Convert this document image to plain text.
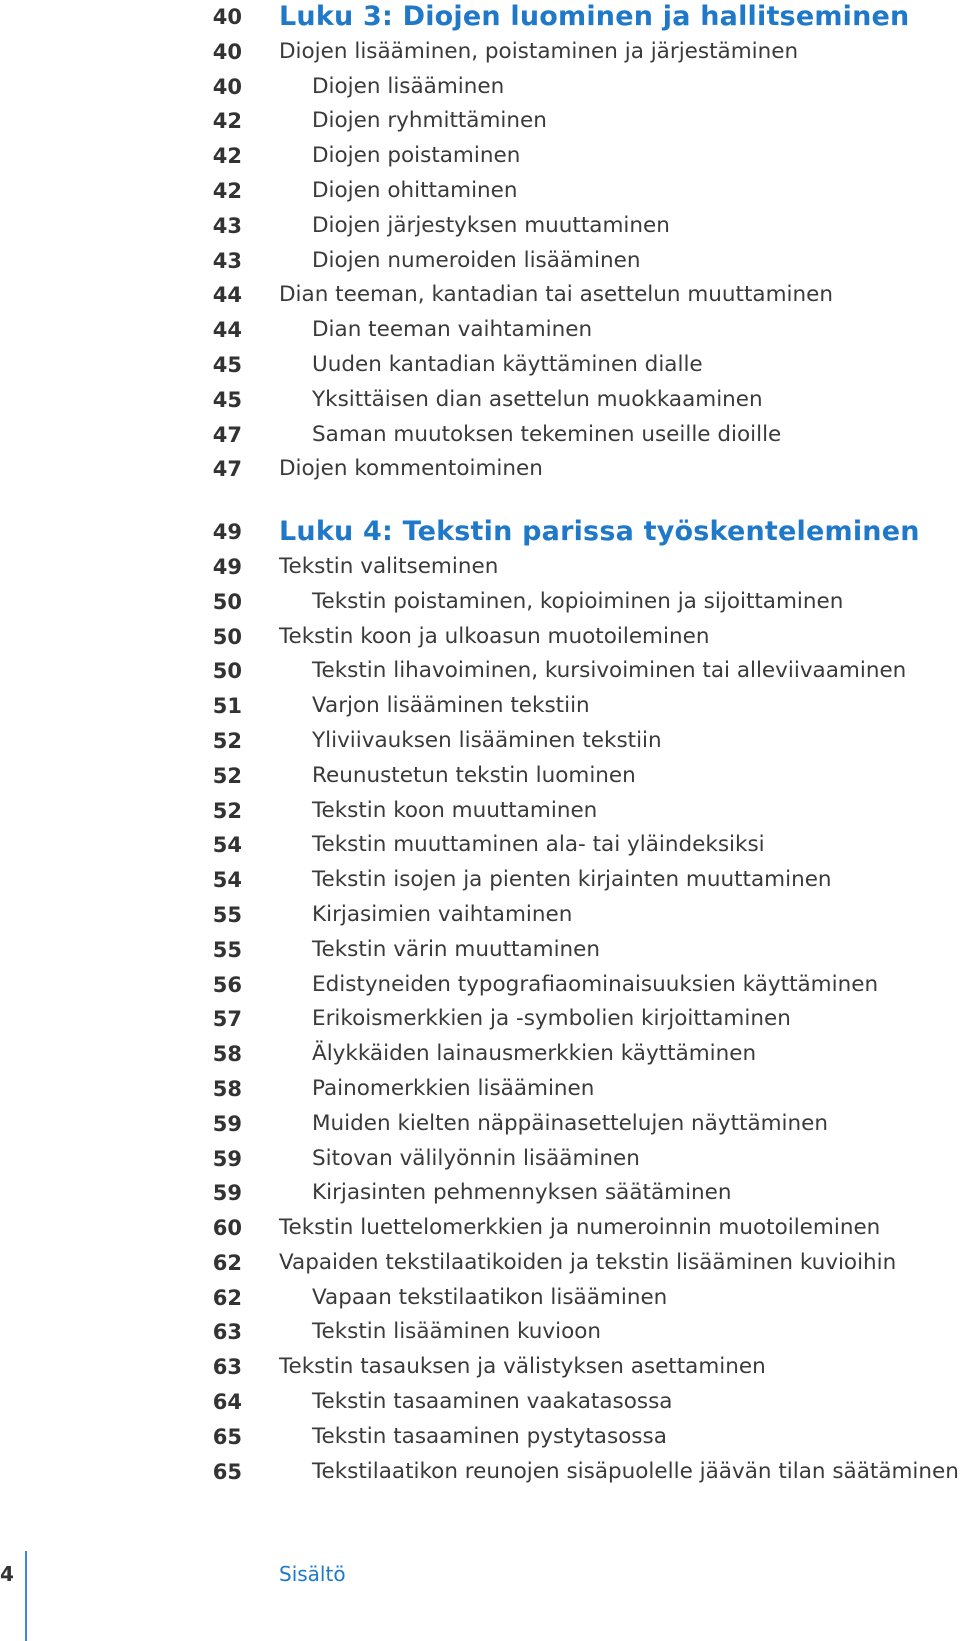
40 Luku 3: Diojen luominen ja hallitseminen
40 Diojen lisääminen, poistaminen ja järjestäminen
40	Diojen lisääminen
42	Diojen ryhmittäminen
42	Diojen poistaminen
42	Diojen ohittaminen
43	Diojen järjestyksen muuttaminen
43	Diojen numeroiden lisääminen
44 Dian teeman, kantadian tai asettelun muuttaminen
44	Dian teeman vaihtaminen
45	Uuden kantadian käyttäminen dialle
45	Yksittäisen dian asettelun muokkaaminen
47	Saman muutoksen tekeminen useille dioille
47 Diojen kommentoiminen
49 Luku 4: Tekstin parissa työskenteleminen
49 Tekstin valitseminen
50	Tekstin poistaminen, kopioiminen ja sijoittaminen
50 Tekstin koon ja ulkoasun muotoileminen
50	Tekstin lihavoiminen, kursivoiminen tai alleviivaaminen
51	Varjon lisääminen tekstiin
52	Yliviivauksen lisääminen tekstiin
52	Reunustetun tekstin luominen
52	Tekstin koon muuttaminen
54	Tekstin muuttaminen ala- tai yläindeksiksi
54	Tekstin isojen ja pienten kirjainten muuttaminen
55	Kirjasimien vaihtaminen
55	Tekstin värin muuttaminen
56	Edistyneiden typografiaominaisuuksien käyttäminen
57	Erikoismerkkien ja -symbolien kirjoittaminen
58	Älykkäiden lainausmerkkien käyttäminen
58	Painomerkkien lisääminen
59	Muiden kielten näppäinasettelujen näyttäminen
59	Sitovan välilyönnin lisääminen
59	Kirjasinten pehmennyksen säätäminen
60 Tekstin luettelomerkkien ja numeroinnin muotoileminen
62 Vapaiden tekstilaatikoiden ja tekstin lisääminen kuvioihin
62	Vapaan tekstilaatikon lisääminen
63	Tekstin lisääminen kuvioon
63 Tekstin tasauksen ja välistyksen asettaminen
64	Tekstin tasaaminen vaakatasossa
65	Tekstin tasaaminen pystytasossa
65	Tekstilaatikon reunojen sisäpuolelle jäävän tilan säätäminen
4	Sisältö
